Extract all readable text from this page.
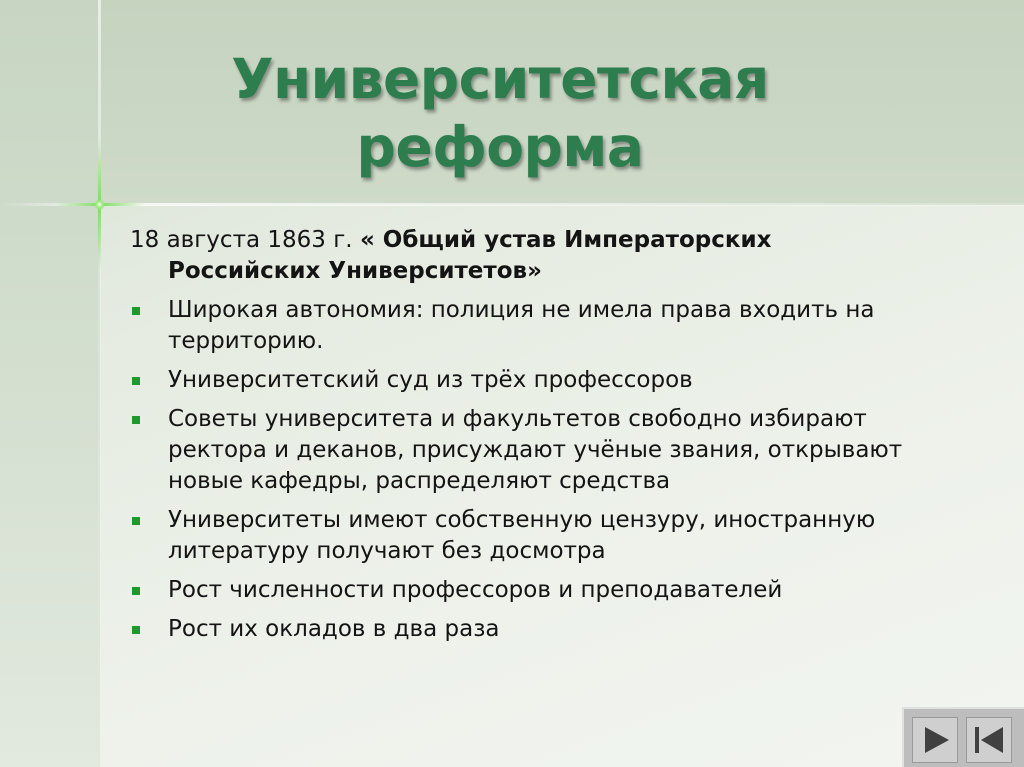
Университетская
реформа
18 августа 1863 г. « Общий устав Императорских
Российских Университетов»
Широкая автономия: полиция не имела права входить на территорию.
Университетский суд из трёх профессоров
Советы университета и факультетов свободно избирают ректора и деканов, присуждают учёные звания, открывают новые кафедры, распределяют средства
Университеты имеют собственную цензуру, иностранную литературу получают без досмотра
Рост численности профессоров и преподавателей
Рост их окладов в два раза
